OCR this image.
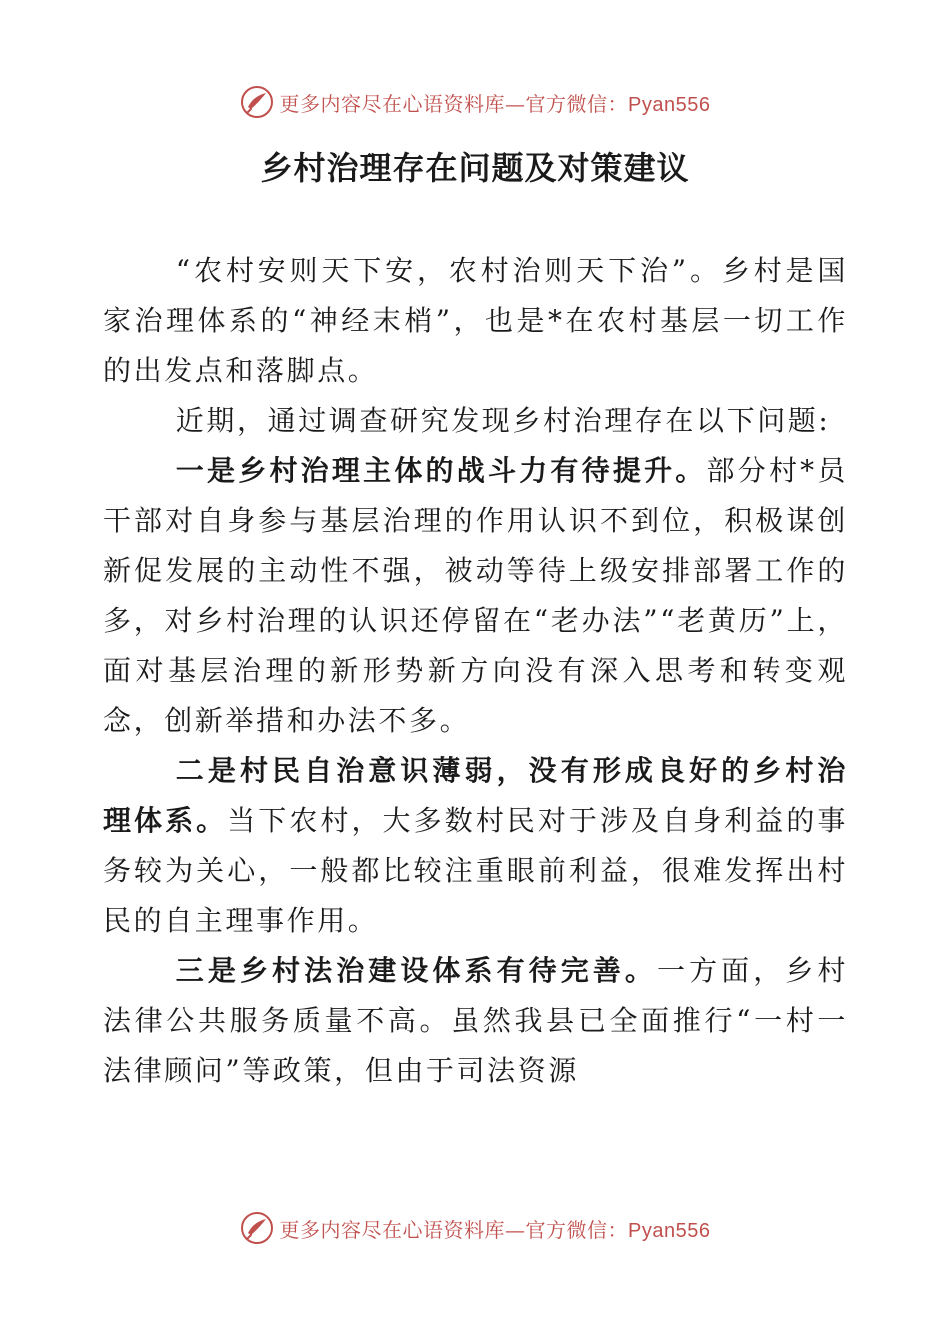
更多内容尽在心语资料库—官方微信：Pyan556
乡村治理存在问题及对策建议

“农村安则天下安，农村治则天下治”。乡村是国家治理体系的“神经末梢”，也是*在农村基层一切工作的出发点和落脚点。

近期，通过调查研究发现乡村治理存在以下问题:

一是乡村治理主体的战斗力有待提升。部分村*员干部对自身参与基层治理的作用认识不到位，积极谋创新促发展的主动性不强，被动等待上级安排部署工作的多，对乡村治理的认识还停留在“老办法”“老黄历”上，面对基层治理的新形势新方向没有深入思考和转变观念，创新举措和办法不多。

二是村民自治意识薄弱，没有形成良好的乡村治理体系。当下农村，大多数村民对于涉及自身利益的事务较为关心，一般都比较注重眼前利益，很难发挥出村民的自主理事作用。

三是乡村法治建设体系有待完善。一方面，乡村法律公共服务质量不高。虽然我县已全面推行“一村一法律顾问”等政策，但由于司法资源

更多内容尽在心语资料库—官方微信：Pyan556
